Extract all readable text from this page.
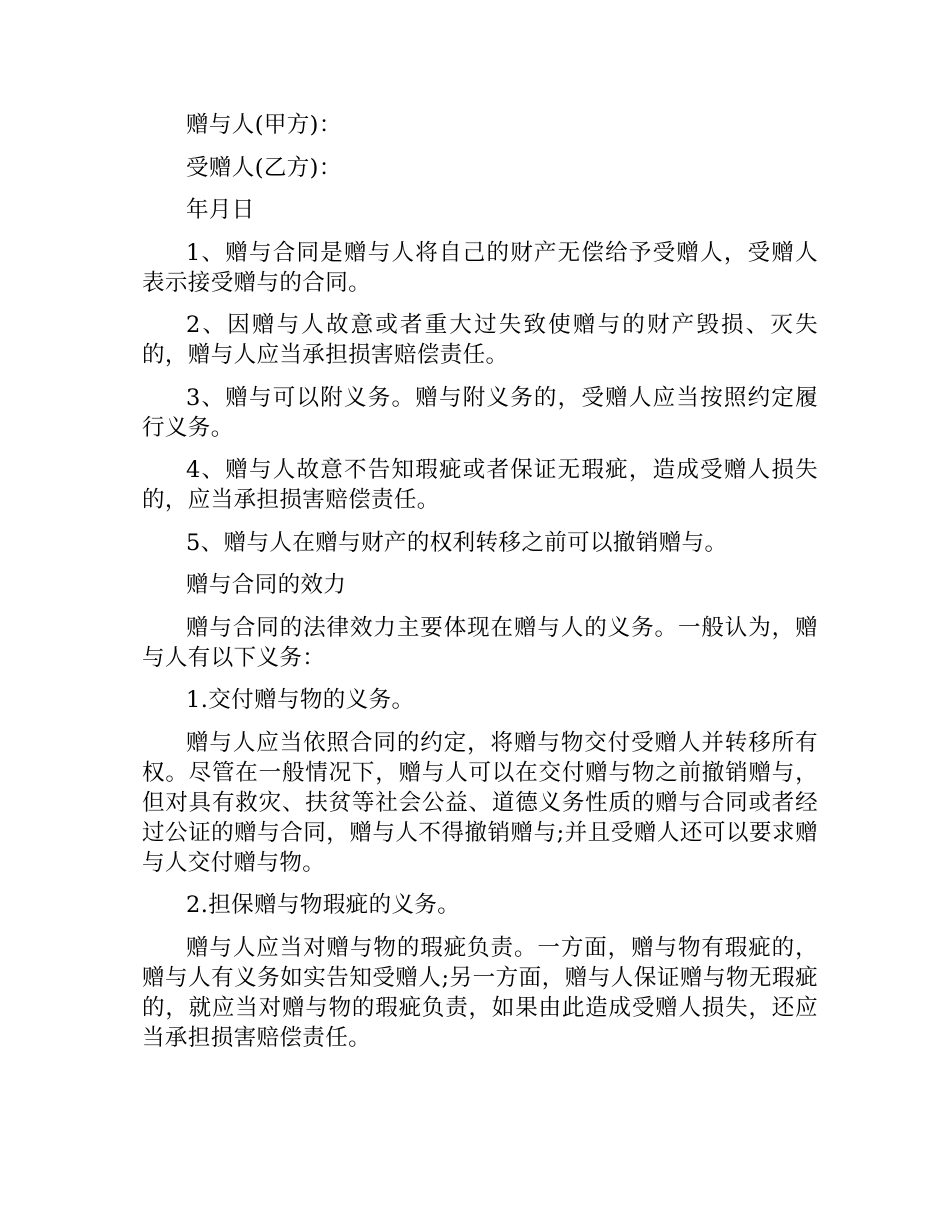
赠与人(甲方)：

受赠人(乙方)：

年月日

1、赠与合同是赠与人将自己的财产无偿给予受赠人，受赠人表示接受赠与的合同。

2、因赠与人故意或者重大过失致使赠与的财产毁损、灭失的，赠与人应当承担损害赔偿责任。

3、赠与可以附义务。赠与附义务的，受赠人应当按照约定履行义务。

4、赠与人故意不告知瑕疵或者保证无瑕疵，造成受赠人损失的，应当承担损害赔偿责任。

5、赠与人在赠与财产的权利转移之前可以撤销赠与。

赠与合同的效力

赠与合同的法律效力主要体现在赠与人的义务。一般认为，赠与人有以下义务：

1.交付赠与物的义务。

赠与人应当依照合同的约定，将赠与物交付受赠人并转移所有权。尽管在一般情况下，赠与人可以在交付赠与物之前撤销赠与，但对具有救灾、扶贫等社会公益、道德义务性质的赠与合同或者经过公证的赠与合同，赠与人不得撤销赠与;并且受赠人还可以要求赠与人交付赠与物。

2.担保赠与物瑕疵的义务。

赠与人应当对赠与物的瑕疵负责。一方面，赠与物有瑕疵的，赠与人有义务如实告知受赠人;另一方面，赠与人保证赠与物无瑕疵的，就应当对赠与物的瑕疵负责，如果由此造成受赠人损失，还应当承担损害赔偿责任。
